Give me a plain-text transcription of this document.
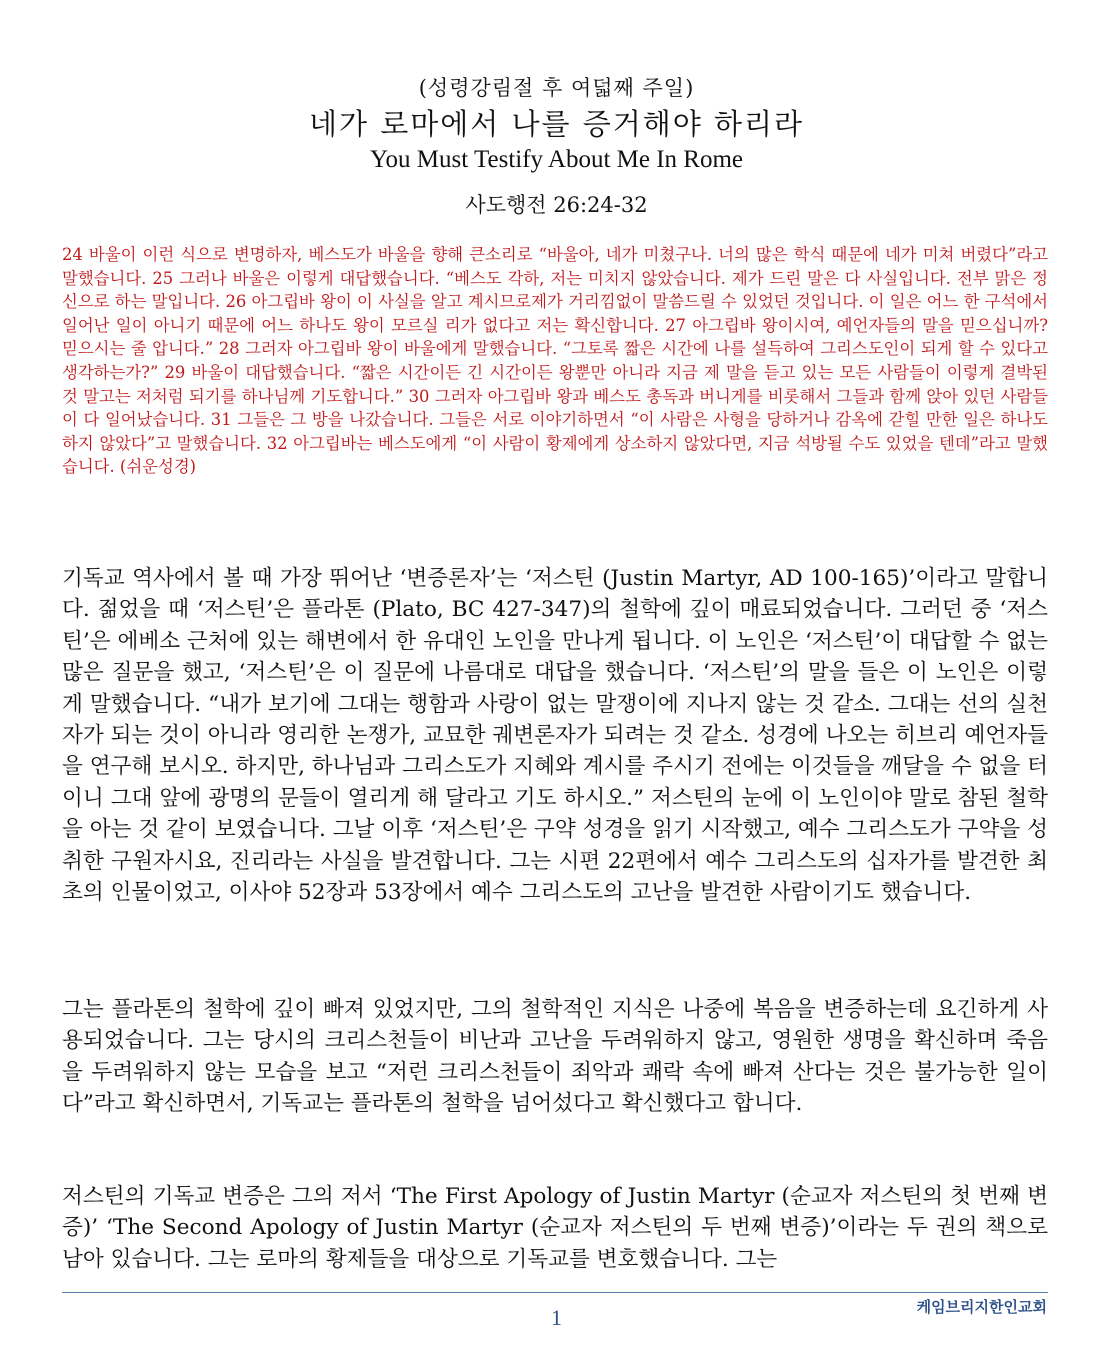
(성령강림절 후 여덟째 주일)
네가 로마에서 나를 증거해야 하리라
You Must Testify About Me In Rome
사도행전 26:24-32

24 바울이 이런 식으로 변명하자, 베스도가 바울을 향해 큰소리로 “바울아, 네가 미쳤구나. 너의 많은 학식 때문에 네가 미쳐 버렸다”라고 말했습니다. 25 그러나 바울은 이렇게 대답했습니다. “베스도 각하, 저는 미치지 않았습니다. 제가 드린 말은 다 사실입니다. 전부 맑은 정신으로 하는 말입니다. 26 아그립바 왕이 이 사실을 알고 계시므로제가 거리낌없이 말씀드릴 수 있었던 것입니다. 이 일은 어느 한 구석에서 일어난 일이 아니기 때문에 어느 하나도 왕이 모르실 리가 없다고 저는 확신합니다. 27 아그립바 왕이시여, 예언자들의 말을 믿으십니까? 믿으시는 줄 압니다.” 28 그러자 아그립바 왕이 바울에게 말했습니다. “그토록 짧은 시간에 나를 설득하여 그리스도인이 되게 할 수 있다고 생각하는가?” 29 바울이 대답했습니다. “짧은 시간이든 긴 시간이든 왕뿐만 아니라 지금 제 말을 듣고 있는 모든 사람들이 이렇게 결박된 것 말고는 저처럼 되기를 하나님께 기도합니다.” 30 그러자 아그립바 왕과 베스도 총독과 버니게를 비롯해서 그들과 함께 앉아 있던 사람들이 다 일어났습니다. 31 그들은 그 방을 나갔습니다. 그들은 서로 이야기하면서 “이 사람은 사형을 당하거나 감옥에 갇힐 만한 일은 하나도 하지 않았다”고 말했습니다. 32 아그립바는 베스도에게 “이 사람이 황제에게 상소하지 않았다면, 지금 석방될 수도 있었을 텐데”라고 말했습니다. (쉬운성경)

기독교 역사에서 볼 때 가장 뛰어난 ‘변증론자’는 ‘저스틴 (Justin Martyr, AD 100-165)’이라고 말합니다. 젊었을 때 ‘저스틴’은 플라톤 (Plato, BC 427-347)의 철학에 깊이 매료되었습니다. 그러던 중 ‘저스틴’은 에베소 근처에 있는 해변에서 한 유대인 노인을 만나게 됩니다. 이 노인은 ‘저스틴’이 대답할 수 없는 많은 질문을 했고, ‘저스틴’은 이 질문에 나름대로 대답을 했습니다. ‘저스틴’의 말을 들은 이 노인은 이렇게 말했습니다. “내가 보기에 그대는 행함과 사랑이 없는 말쟁이에 지나지 않는 것 같소. 그대는 선의 실천자가 되는 것이 아니라 영리한 논쟁가, 교묘한 궤변론자가 되려는 것 같소. 성경에 나오는 히브리 예언자들을 연구해 보시오. 하지만, 하나님과 그리스도가 지혜와 계시를 주시기 전에는 이것들을 깨달을 수 없을 터이니 그대 앞에 광명의 문들이 열리게 해 달라고 기도 하시오.” 저스틴의 눈에 이 노인이야 말로 참된 철학을 아는 것 같이 보였습니다. 그날 이후 ‘저스틴’은 구약 성경을 읽기 시작했고, 예수 그리스도가 구약을 성취한 구원자시요, 진리라는 사실을 발견합니다. 그는 시편 22편에서 예수 그리스도의 십자가를 발견한 최초의 인물이었고, 이사야 52장과 53장에서 예수 그리스도의 고난을 발견한 사람이기도 했습니다.

그는 플라톤의 철학에 깊이 빠져 있었지만, 그의 철학적인 지식은 나중에 복음을 변증하는데 요긴하게 사용되었습니다. 그는 당시의 크리스천들이 비난과 고난을 두려워하지 않고, 영원한 생명을 확신하며 죽음을 두려워하지 않는 모습을 보고 “저런 크리스천들이 죄악과 쾌락 속에 빠져 산다는 것은 불가능한 일이다”라고 확신하면서, 기독교는 플라톤의 철학을 넘어섰다고 확신했다고 합니다.

저스틴의 기독교 변증은 그의 저서 ‘The First Apology of Justin Martyr (순교자 저스틴의 첫 번째 변증)’ ‘The Second Apology of Justin Martyr (순교자 저스틴의 두 번째 변증)’이라는 두 권의 책으로 남아 있습니다. 그는 로마의 황제들을 대상으로 기독교를 변호했습니다. 그는

케임브리지한인교회
1
